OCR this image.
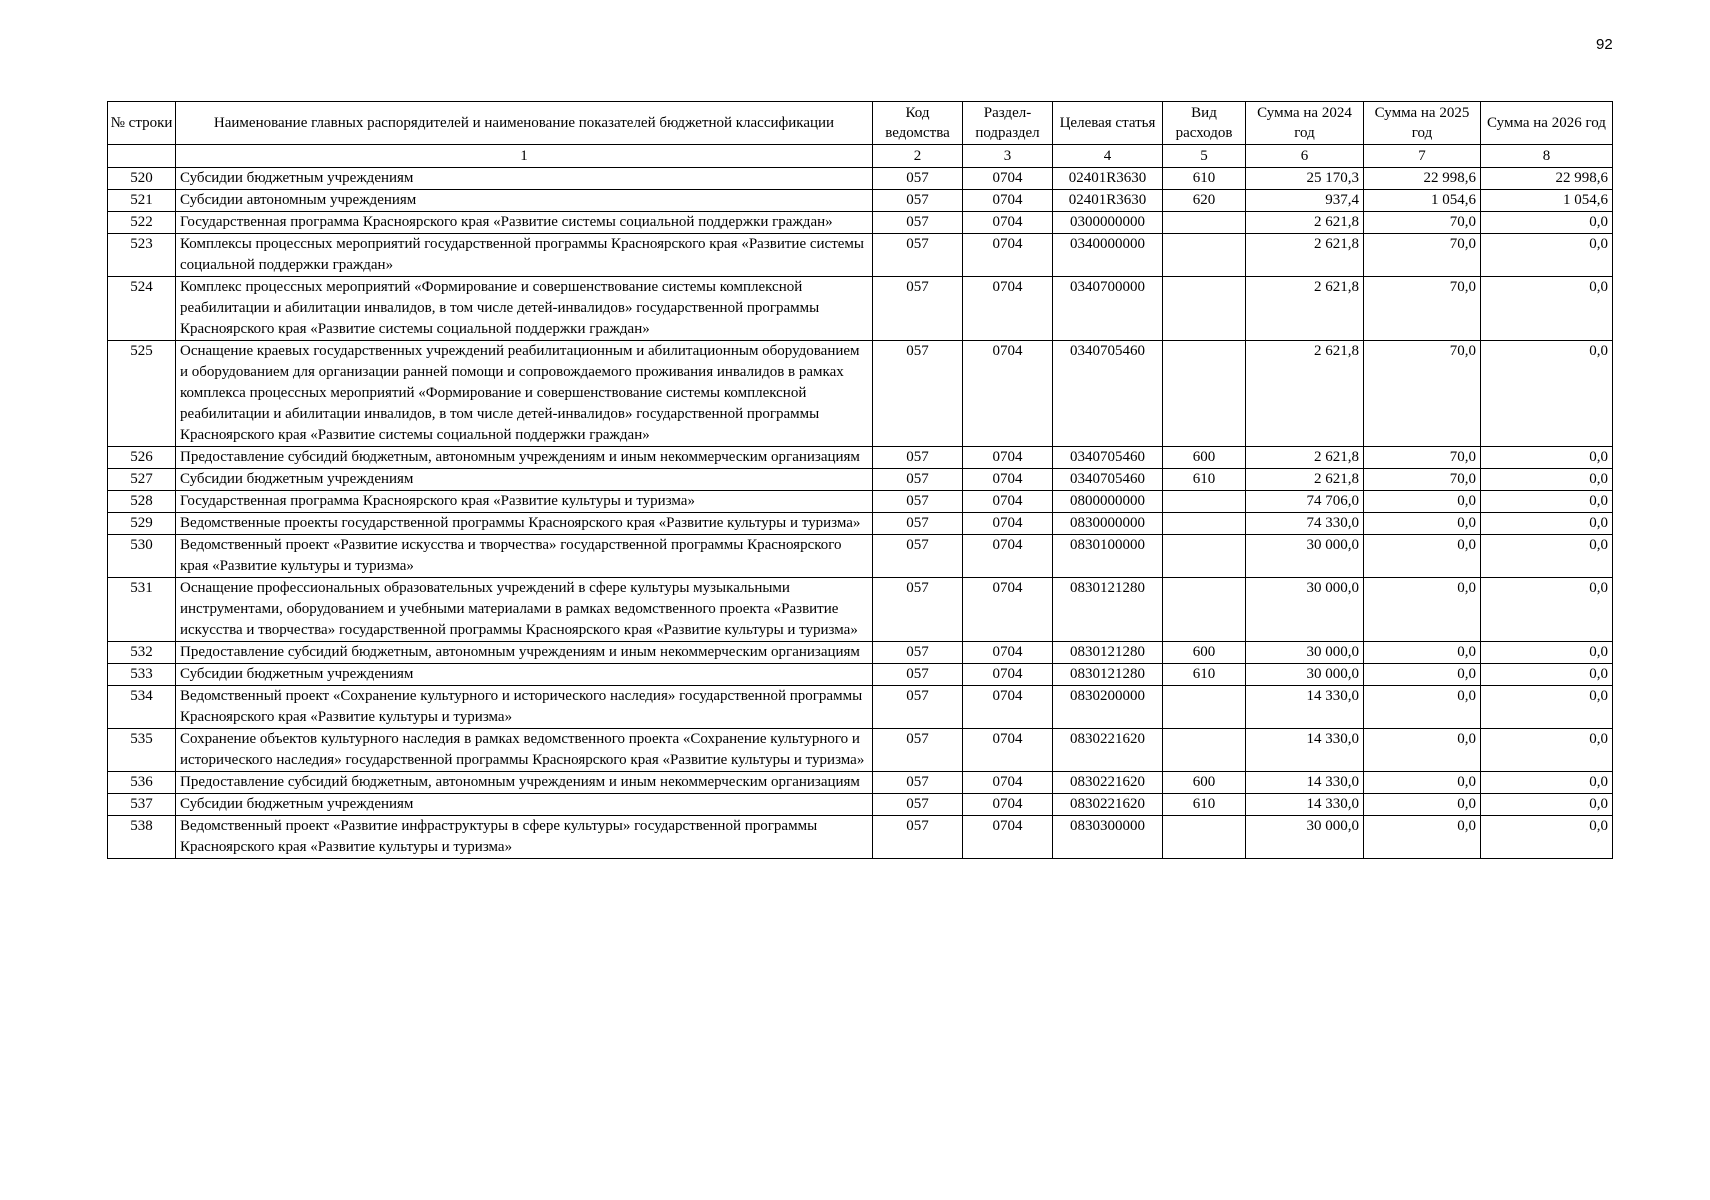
92
№ строки	Наименование главных распорядителей и наименование показателей бюджетной классификации	Код ведомства	Раздел-подраздел	Целевая статья	Вид расходов	Сумма на 2024 год	Сумма на 2025 год	Сумма на 2026 год
	1	2	3	4	5	6	7	8
520	Субсидии бюджетным учреждениям	057	0704	02401R3630	610	25 170,3	22 998,6	22 998,6
521	Субсидии автономным учреждениям	057	0704	02401R3630	620	937,4	1 054,6	1 054,6
522	Государственная программа Красноярского края «Развитие системы социальной поддержки граждан»	057	0704	0300000000		2 621,8	70,0	0,0
523	Комплексы процессных мероприятий государственной программы Красноярского края «Развитие системы социальной поддержки граждан»	057	0704	0340000000		2 621,8	70,0	0,0
524	Комплекс процессных мероприятий «Формирование и совершенствование системы комплексной реабилитации и абилитации инвалидов, в том числе детей-инвалидов» государственной программы Красноярского края «Развитие системы социальной поддержки граждан»	057	0704	0340700000		2 621,8	70,0	0,0
525	Оснащение краевых государственных учреждений реабилитационным и абилитационным оборудованием и оборудованием для организации ранней помощи и сопровождаемого проживания инвалидов в рамках комплекса процессных мероприятий «Формирование и совершенствование системы комплексной реабилитации и абилитации инвалидов, в том числе детей-инвалидов» государственной программы Красноярского края «Развитие системы социальной поддержки граждан»	057	0704	0340705460		2 621,8	70,0	0,0
526	Предоставление субсидий бюджетным, автономным учреждениям и иным некоммерческим организациям	057	0704	0340705460	600	2 621,8	70,0	0,0
527	Субсидии бюджетным учреждениям	057	0704	0340705460	610	2 621,8	70,0	0,0
528	Государственная программа Красноярского края «Развитие культуры и туризма»	057	0704	0800000000		74 706,0	0,0	0,0
529	Ведомственные проекты государственной программы Красноярского края «Развитие культуры и туризма»	057	0704	0830000000		74 330,0	0,0	0,0
530	Ведомственный проект «Развитие искусства и творчества» государственной программы Красноярского края «Развитие культуры и туризма»	057	0704	0830100000		30 000,0	0,0	0,0
531	Оснащение профессиональных образовательных учреждений в сфере культуры музыкальными инструментами, оборудованием и учебными материалами в рамках ведомственного проекта «Развитие искусства и творчества» государственной программы Красноярского края «Развитие культуры и туризма»	057	0704	0830121280		30 000,0	0,0	0,0
532	Предоставление субсидий бюджетным, автономным учреждениям и иным некоммерческим организациям	057	0704	0830121280	600	30 000,0	0,0	0,0
533	Субсидии бюджетным учреждениям	057	0704	0830121280	610	30 000,0	0,0	0,0
534	Ведомственный проект «Сохранение культурного и исторического наследия» государственной программы Красноярского края «Развитие культуры и туризма»	057	0704	0830200000		14 330,0	0,0	0,0
535	Сохранение объектов культурного наследия в рамках ведомственного проекта «Сохранение культурного и исторического наследия» государственной программы Красноярского края «Развитие культуры и туризма»	057	0704	0830221620		14 330,0	0,0	0,0
536	Предоставление субсидий бюджетным, автономным учреждениям и иным некоммерческим организациям	057	0704	0830221620	600	14 330,0	0,0	0,0
537	Субсидии бюджетным учреждениям	057	0704	0830221620	610	14 330,0	0,0	0,0
538	Ведомственный проект «Развитие инфраструктуры в сфере культуры» государственной программы Красноярского края «Развитие культуры и туризма»	057	0704	0830300000		30 000,0	0,0	0,0
